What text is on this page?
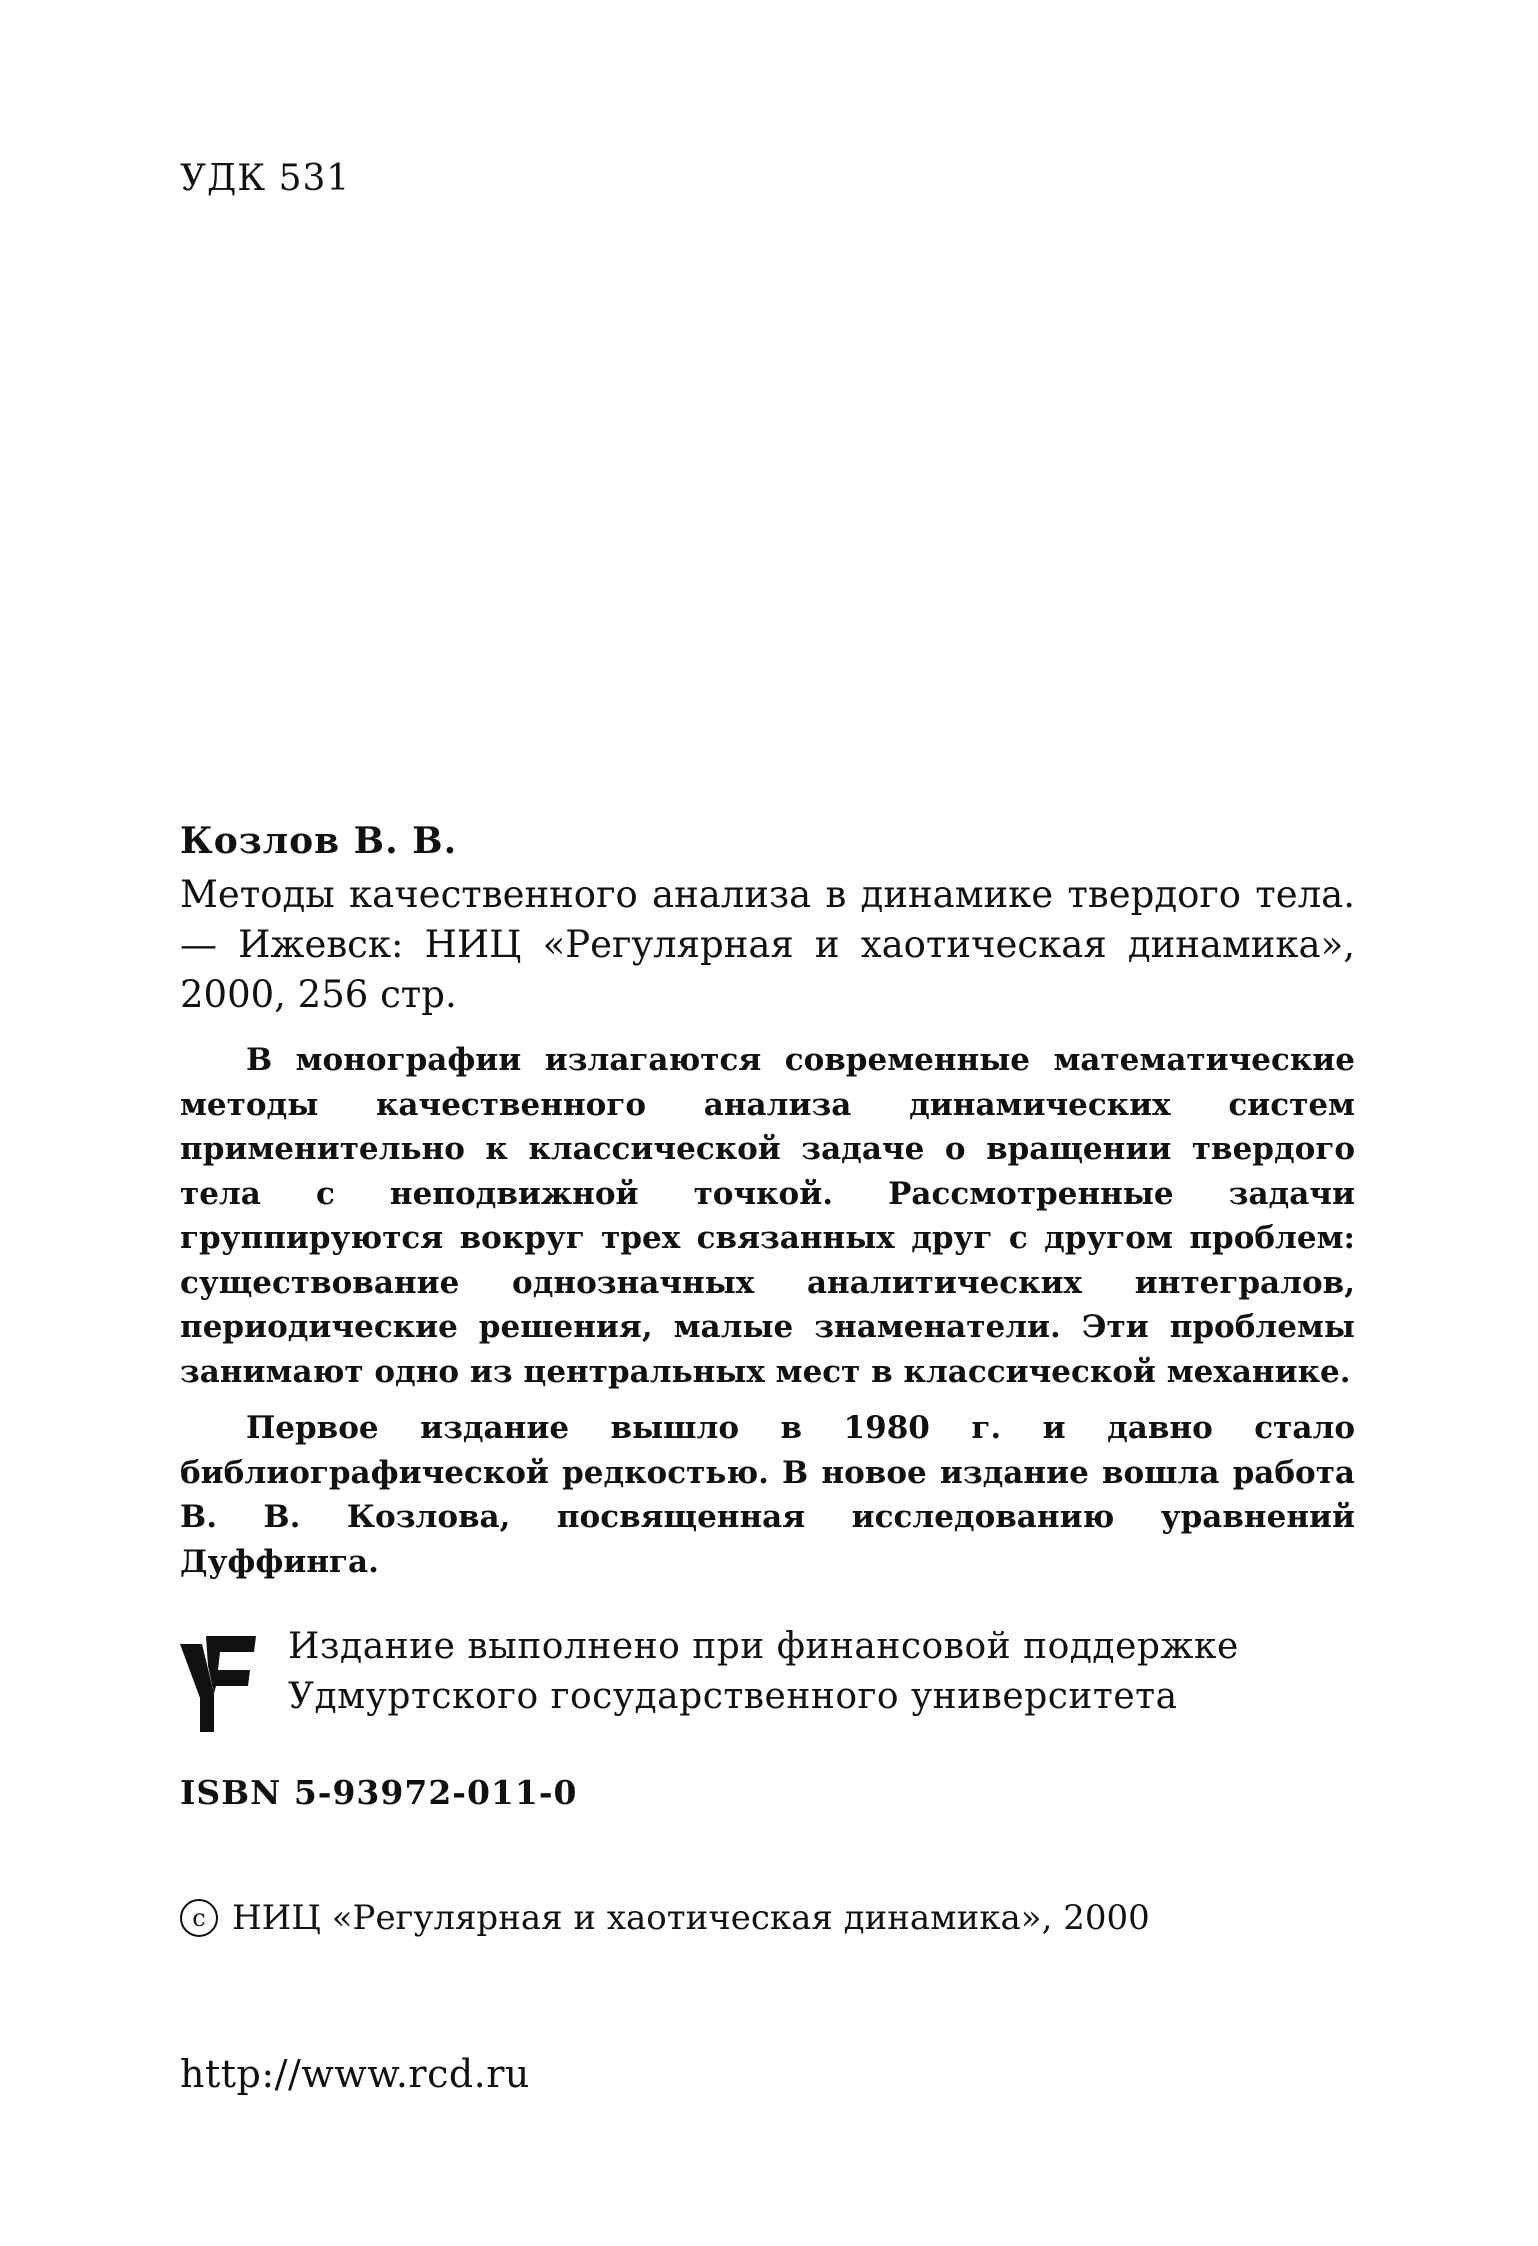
УДК 531
Козлов В. В.

Методы качественного анализа в динамике твердого тела. — Ижевск: НИЦ «Регулярная и хаотическая динамика», 2000, 256 стр.

В монографии излагаются современные математические методы качественного анализа динамических систем применительно к классической задаче о вращении твердого тела с неподвижной точкой. Рассмотренные задачи группируются вокруг трех связанных друг с другом проблем: существование однозначных аналитических интегралов, периодические решения, малые знаменатели. Эти проблемы занимают одно из центральных мест в классической механике.

Первое издание вышло в 1980 г. и давно стало библиографической редкостью. В новое издание вошла работа В. В. Козлова, посвященная исследованию уравнений Дуффинга.

Издание выполнено при финансовой поддержке
Удмуртского государственного университета
ISBN 5-93972-011-0
c НИЦ «Регулярная и хаотическая динамика», 2000
http://www.rcd.ru
